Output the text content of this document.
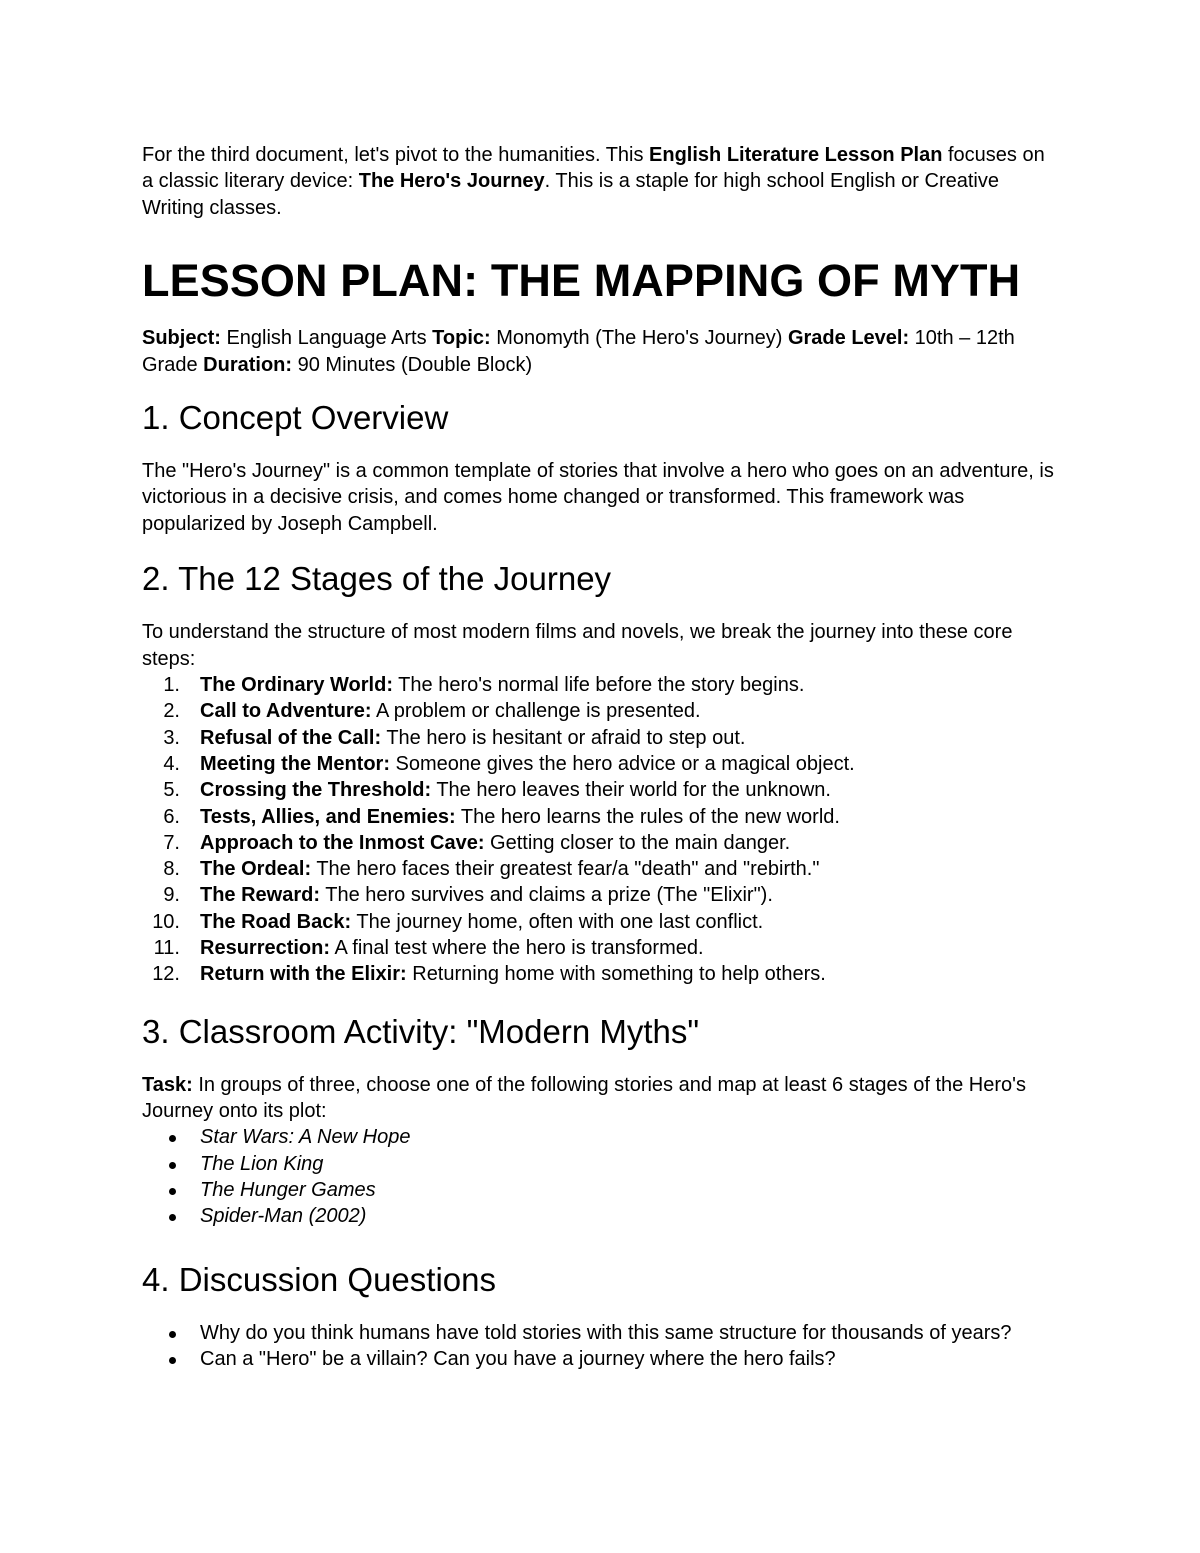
For the third document, let's pivot to the humanities. This English Literature Lesson Plan focuses on a classic literary device: The Hero's Journey. This is a staple for high school English or Creative Writing classes.

LESSON PLAN: THE MAPPING OF MYTH

Subject: English Language Arts Topic: Monomyth (The Hero's Journey) Grade Level: 10th – 12th Grade Duration: 90 Minutes (Double Block)

1. Concept Overview

The "Hero's Journey" is a common template of stories that involve a hero who goes on an adventure, is victorious in a decisive crisis, and comes home changed or transformed. This framework was popularized by Joseph Campbell.

2. The 12 Stages of the Journey

To understand the structure of most modern films and novels, we break the journey into these core steps:

1. The Ordinary World: The hero's normal life before the story begins.
2. Call to Adventure: A problem or challenge is presented.
3. Refusal of the Call: The hero is hesitant or afraid to step out.
4. Meeting the Mentor: Someone gives the hero advice or a magical object.
5. Crossing the Threshold: The hero leaves their world for the unknown.
6. Tests, Allies, and Enemies: The hero learns the rules of the new world.
7. Approach to the Inmost Cave: Getting closer to the main danger.
8. The Ordeal: The hero faces their greatest fear/a "death" and "rebirth."
9. The Reward: The hero survives and claims a prize (The "Elixir").
10. The Road Back: The journey home, often with one last conflict.
11. Resurrection: A final test where the hero is transformed.
12. Return with the Elixir: Returning home with something to help others.
3. Classroom Activity: "Modern Myths"

Task: In groups of three, choose one of the following stories and map at least 6 stages of the Hero's Journey onto its plot:

Star Wars: A New Hope
The Lion King
The Hunger Games
Spider-Man (2002)
4. Discussion Questions
Why do you think humans have told stories with this same structure for thousands of years?
Can a "Hero" be a villain? Can you have a journey where the hero fails?
